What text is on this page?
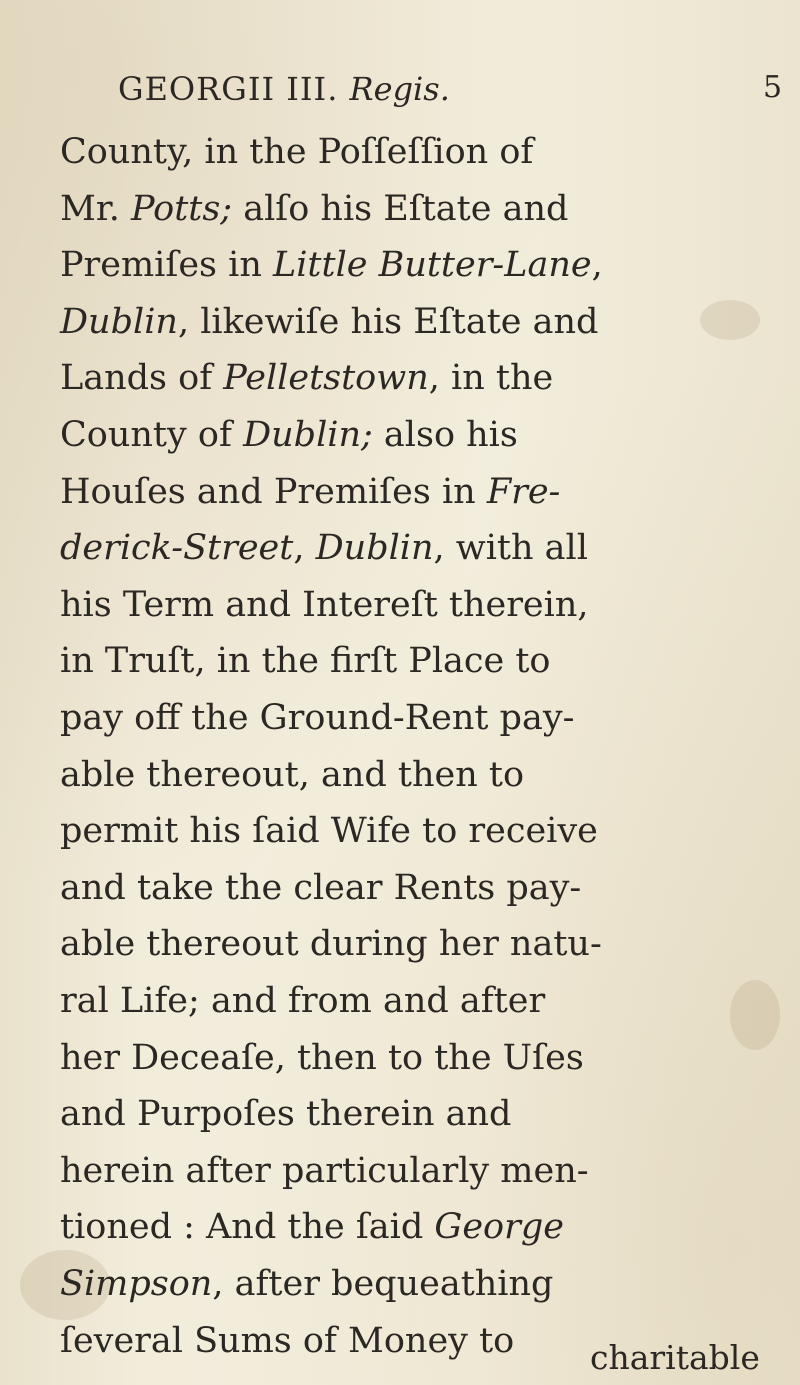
GEORGII III. Regis.	5
County, in the Poſſeſſion of
Mr. Potts; alſo his Eſtate and
Premiſes in Little Butter-Lane,
Dublin, likewiſe his Eſtate and
Lands of Pelletstown, in the
County of Dublin; also his
Houſes and Premiſes in Fre-
derick-Street, Dublin, with all
his Term and Intereſt therein,
in Truſt, in the firſt Place to
pay off the Ground-Rent pay-
able thereout, and then to
permit his ſaid Wife to receive
and take the clear Rents pay-
able thereout during her natu-
ral Life; and from and after
her Deceaſe, then to the Uſes
and Purpoſes therein and
herein after particularly men-
tioned : And the ſaid George
Simpson, after bequeathing
ſeveral Sums of Money to charitable
